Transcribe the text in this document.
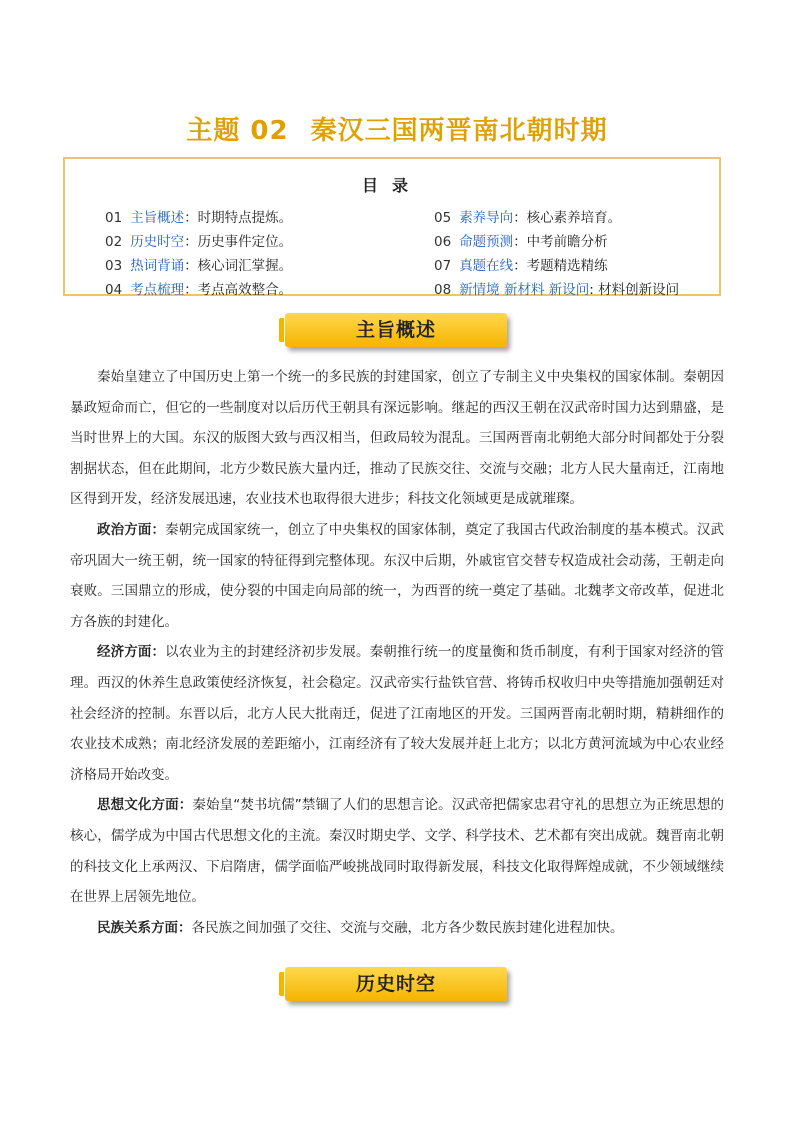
主题 02 秦汉三国两晋南北朝时期
目录
01 主旨概述：时期特点提炼。
02 历史时空：历史事件定位。
03 热词背诵：核心词汇掌握。
04 考点梳理：考点高效整合。
05 素养导向：核心素养培育。
06 命题预测：中考前瞻分析
07 真题在线：考题精选精练
08 新情境 新材料 新设问: 材料创新设问
主旨概述

秦始皇建立了中国历史上第一个统一的多民族的封建国家，创立了专制主义中央集权的国家体制。秦朝因暴政短命而亡，但它的一些制度对以后历代王朝具有深远影响。继起的西汉王朝在汉武帝时国力达到鼎盛，是当时世界上的大国。东汉的版图大致与西汉相当，但政局较为混乱。三国两晋南北朝绝大部分时间都处于分裂割据状态，但在此期间，北方少数民族大量内迁，推动了民族交往、交流与交融；北方人民大量南迁，江南地区得到开发，经济发展迅速，农业技术也取得很大进步；科技文化领域更是成就璀璨。

政治方面：秦朝完成国家统一，创立了中央集权的国家体制，奠定了我国古代政治制度的基本模式。汉武帝巩固大一统王朝，统一国家的特征得到完整体现。东汉中后期，外戚宦官交替专权造成社会动荡，王朝走向衰败。三国鼎立的形成，使分裂的中国走向局部的统一，为西晋的统一奠定了基础。北魏孝文帝改革，促进北方各族的封建化。

经济方面：以农业为主的封建经济初步发展。秦朝推行统一的度量衡和货币制度，有利于国家对经济的管理。西汉的休养生息政策使经济恢复，社会稳定。汉武帝实行盐铁官营、将铸币权收归中央等措施加强朝廷对社会经济的控制。东晋以后，北方人民大批南迁，促进了江南地区的开发。三国两晋南北朝时期，精耕细作的农业技术成熟；南北经济发展的差距缩小，江南经济有了较大发展并赶上北方；以北方黄河流域为中心农业经济格局开始改变。

思想文化方面：秦始皇“焚书坑儒”禁锢了人们的思想言论。汉武帝把儒家忠君守礼的思想立为正统思想的核心，儒学成为中国古代思想文化的主流。秦汉时期史学、文学、科学技术、艺术都有突出成就。魏晋南北朝的科技文化上承两汉、下启隋唐，儒学面临严峻挑战同时取得新发展，科技文化取得辉煌成就，不少领域继续在世界上居领先地位。

民族关系方面：各民族之间加强了交往、交流与交融，北方各少数民族封建化进程加快。

历史时空
